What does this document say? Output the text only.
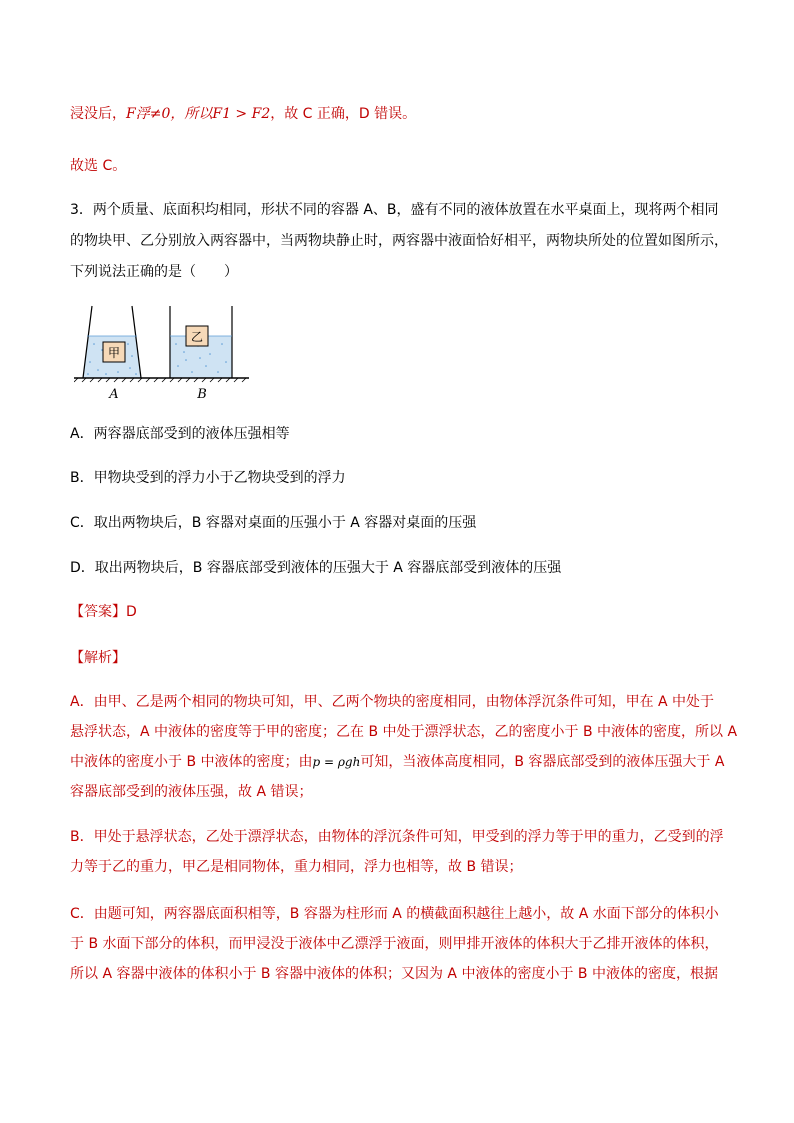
浸没后，F浮≠0，所以F1 > F2，故 C 正确，D 错误。
故选 C。
3．两个质量、底面积均相同，形状不同的容器 A、B，盛有不同的液体放置在水平桌面上，现将两个相同
的物块甲、乙分别放入两容器中，当两物块静止时，两容器中液面恰好相平，两物块所处的位置如图所示，
下列说法正确的是（　　）
甲
乙
A	B
A．两容器底部受到的液体压强相等
B．甲物块受到的浮力小于乙物块受到的浮力
C．取出两物块后，B 容器对桌面的压强小于 A 容器对桌面的压强
D．取出两物块后，B 容器底部受到液体的压强大于 A 容器底部受到液体的压强
【答案】D
【解析】
A．由甲、乙是两个相同的物块可知，甲、乙两个物块的密度相同，由物体浮沉条件可知，甲在 A 中处于
悬浮状态，A 中液体的密度等于甲的密度；乙在 B 中处于漂浮状态，乙的密度小于 B 中液体的密度，所以 A
中液体的密度小于 B 中液体的密度；由p = ρgh可知，当液体高度相同，B 容器底部受到的液体压强大于 A
容器底部受到的液体压强，故 A 错误；
B．甲处于悬浮状态，乙处于漂浮状态，由物体的浮沉条件可知，甲受到的浮力等于甲的重力，乙受到的浮
力等于乙的重力，甲乙是相同物体，重力相同，浮力也相等，故 B 错误；
C．由题可知，两容器底面积相等，B 容器为柱形而 A 的横截面积越往上越小，故 A 水面下部分的体积小
于 B 水面下部分的体积，而甲浸没于液体中乙漂浮于液面，则甲排开液体的体积大于乙排开液体的体积，
所以 A 容器中液体的体积小于 B 容器中液体的体积；又因为 A 中液体的密度小于 B 中液体的密度，根据
